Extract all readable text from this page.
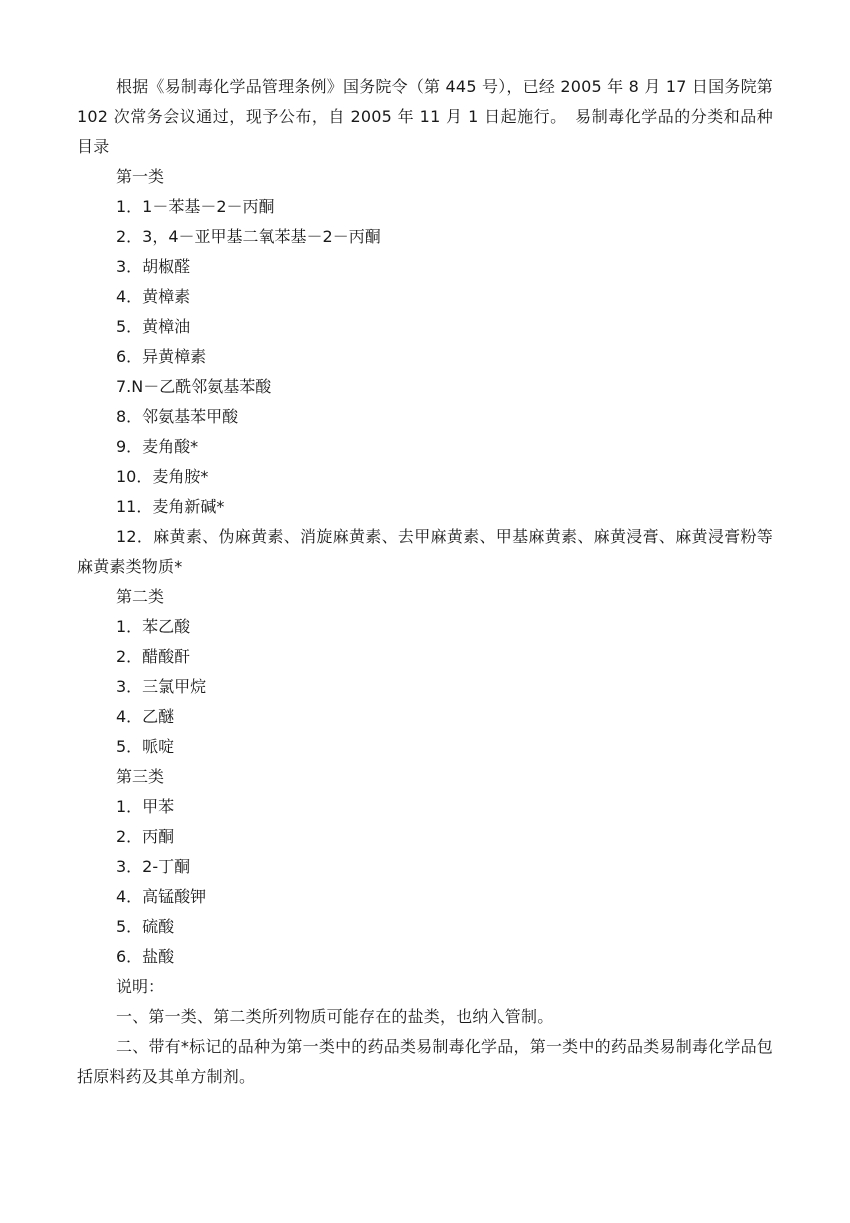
根据《易制毒化学品管理条例》国务院令（第 445 号），已经 2005 年 8 月 17 日国务院第 102 次常务会议通过，现予公布，自 2005 年 11 月 1 日起施行。　易制毒化学品的分类和品种目录

第一类

1．1－苯基－2－丙酮

2．3，4－亚甲基二氧苯基－2－丙酮

3．胡椒醛

4．黄樟素

5．黄樟油

6．异黄樟素

7.N－乙酰邻氨基苯酸

8．邻氨基苯甲酸

9．麦角酸*

10．麦角胺*

11．麦角新碱*

12．麻黄素、伪麻黄素、消旋麻黄素、去甲麻黄素、甲基麻黄素、麻黄浸膏、麻黄浸膏粉等麻黄素类物质*

第二类

1．苯乙酸

2．醋酸酐

3．三氯甲烷

4．乙醚

5．哌啶

第三类

1．甲苯

2．丙酮

3．2-丁酮

4．高锰酸钾

5．硫酸

6．盐酸

说明：

一、第一类、第二类所列物质可能存在的盐类，也纳入管制。

二、带有*标记的品种为第一类中的药品类易制毒化学品，第一类中的药品类易制毒化学品包括原料药及其单方制剂。
